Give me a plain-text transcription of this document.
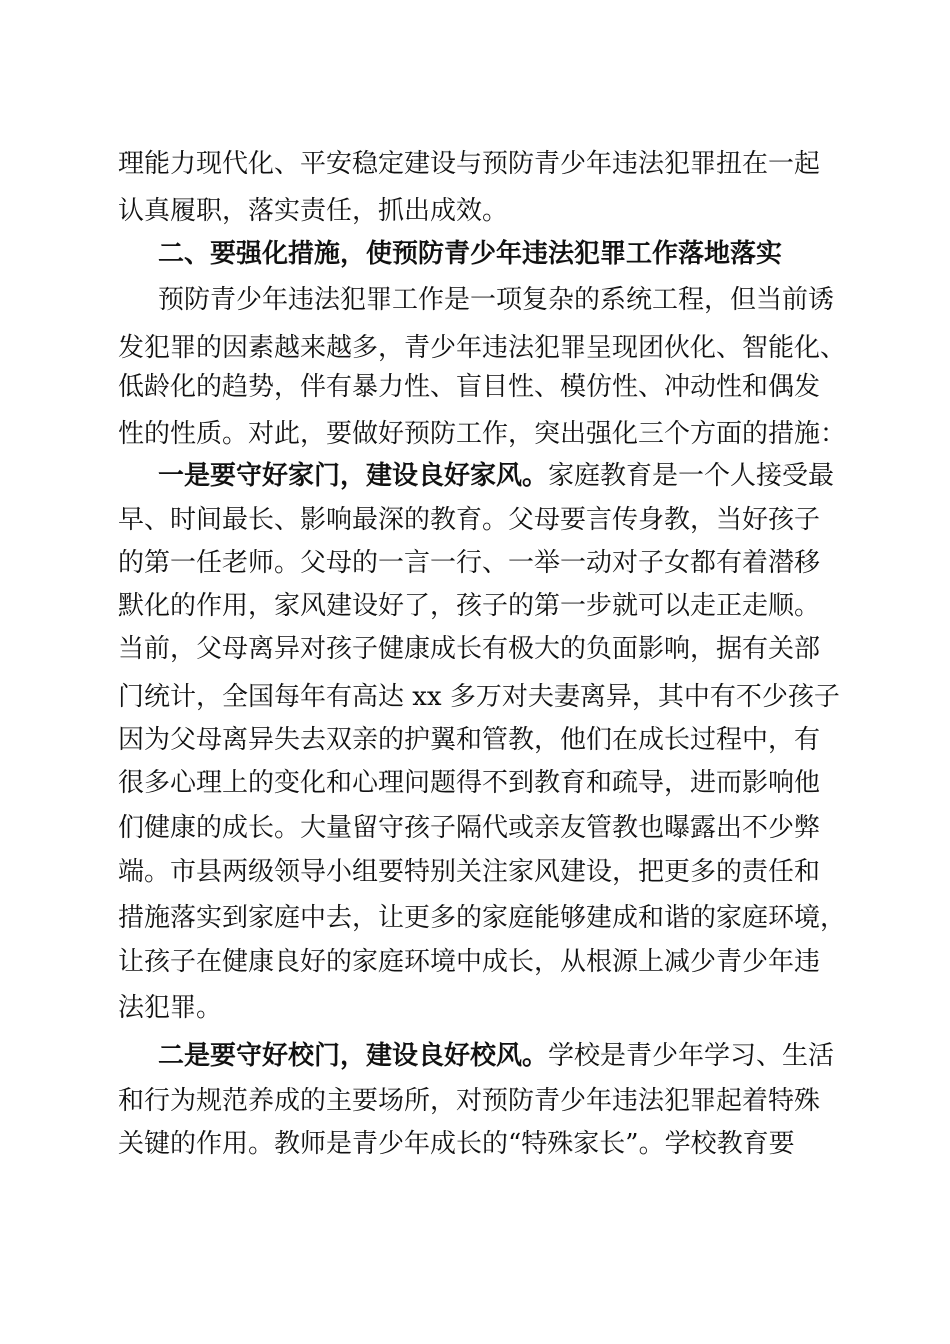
理能力现代化、平安稳定建设与预防青少年违法犯罪扭在一起
认真履职，落实责任，抓出成效。
二、要强化措施，使预防青少年违法犯罪工作落地落实
预防青少年违法犯罪工作是一项复杂的系统工程，但当前诱
发犯罪的因素越来越多，青少年违法犯罪呈现团伙化、智能化、
低龄化的趋势，伴有暴力性、盲目性、模仿性、冲动性和偶发
性的性质。对此，要做好预防工作，突出强化三个方面的措施：
一是要守好家门，建设良好家风。家庭教育是一个人接受最
早、时间最长、影响最深的教育。父母要言传身教，当好孩子
的第一任老师。父母的一言一行、一举一动对子女都有着潜移
默化的作用，家风建设好了，孩子的第一步就可以走正走顺。
当前，父母离异对孩子健康成长有极大的负面影响，据有关部
门统计，全国每年有高达 xx 多万对夫妻离异，其中有不少孩子
因为父母离异失去双亲的护翼和管教，他们在成长过程中，有
很多心理上的变化和心理问题得不到教育和疏导，进而影响他
们健康的成长。大量留守孩子隔代或亲友管教也曝露出不少弊
端。市县两级领导小组要特别关注家风建设，把更多的责任和
措施落实到家庭中去，让更多的家庭能够建成和谐的家庭环境，
让孩子在健康良好的家庭环境中成长，从根源上减少青少年违
法犯罪。
二是要守好校门，建设良好校风。学校是青少年学习、生活
和行为规范养成的主要场所，对预防青少年违法犯罪起着特殊
关键的作用。教师是青少年成长的“特殊家长”。学校教育要
